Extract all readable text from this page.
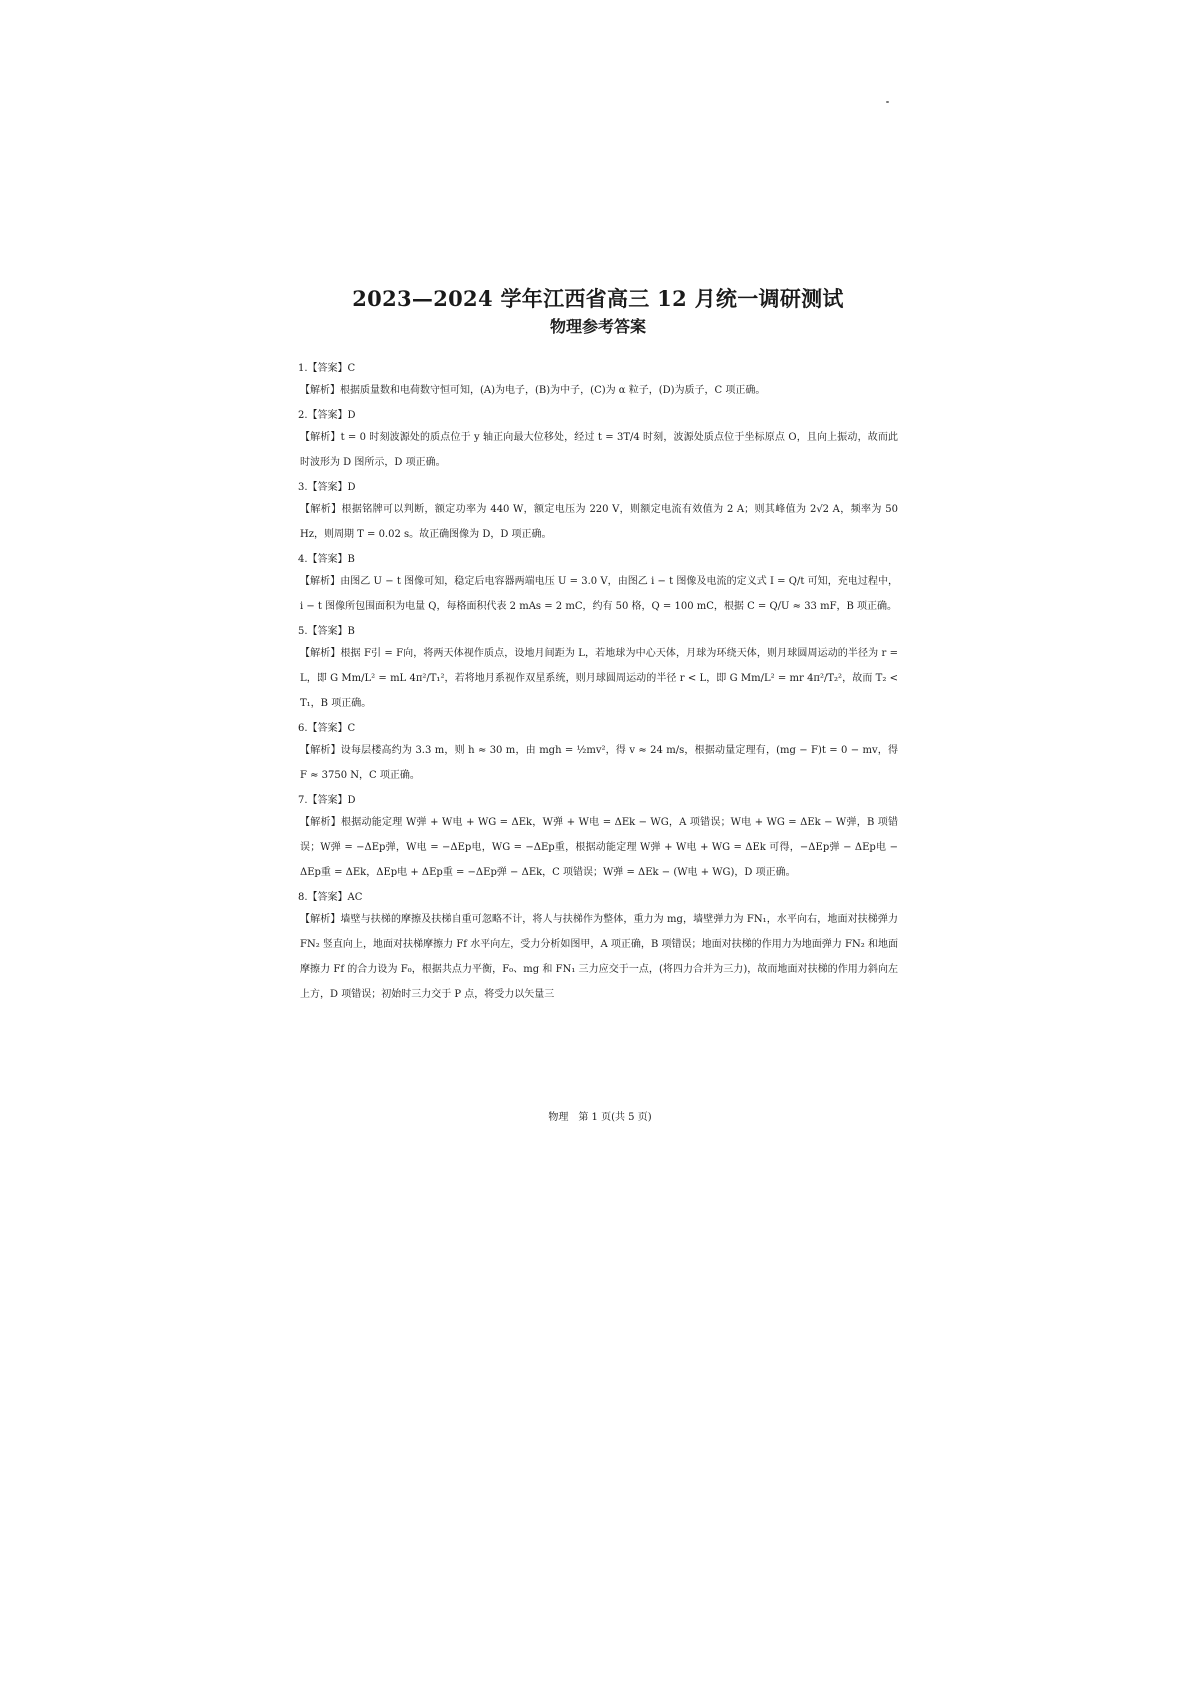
2023—2024 学年江西省高三 12 月统一调研测试
物理参考答案

1.【答案】C

【解析】根据质量数和电荷数守恒可知，(A)为电子，(B)为中子，(C)为 α 粒子，(D)为质子，C 项正确。

2.【答案】D

【解析】t = 0 时刻波源处的质点位于 y 轴正向最大位移处，经过 t = 3T/4 时刻，波源处质点位于坐标原点 O，且向上振动，故而此时波形为 D 图所示，D 项正确。

3.【答案】D

【解析】根据铭牌可以判断，额定功率为 440 W，额定电压为 220 V，则额定电流有效值为 2 A；则其峰值为 2√2 A，频率为 50 Hz，则周期 T = 0.02 s。故正确图像为 D，D 项正确。

4.【答案】B

【解析】由图乙 U − t 图像可知，稳定后电容器两端电压 U = 3.0 V，由图乙 i − t 图像及电流的定义式 I = Q/t 可知，充电过程中，i − t 图像所包围面积为电量 Q，每格面积代表 2 mAs = 2 mC，约有 50 格，Q = 100 mC，根据 C = Q/U ≈ 33 mF，B 项正确。

5.【答案】B

【解析】根据 F引 = F向，将两天体视作质点，设地月间距为 L，若地球为中心天体，月球为环绕天体，则月球圆周运动的半径为 r = L，即 G Mm/L² = mL 4π²/T₁²，若将地月系视作双星系统，则月球圆周运动的半径 r < L，即 G Mm/L² = mr 4π²/T₂²，故而 T₂ < T₁，B 项正确。

6.【答案】C

【解析】设每层楼高约为 3.3 m，则 h ≈ 30 m，由 mgh = ½mv²，得 v ≈ 24 m/s，根据动量定理有，(mg − F)t = 0 − mv，得 F ≈ 3750 N，C 项正确。

7.【答案】D

【解析】根据动能定理 W弹 + W电 + WG = ΔEk，W弹 + W电 = ΔEk − WG，A 项错误；W电 + WG = ΔEk − W弹，B 项错误；W弹 = −ΔEp弹，W电 = −ΔEp电，WG = −ΔEp重，根据动能定理 W弹 + W电 + WG = ΔEk 可得，−ΔEp弹 − ΔEp电 − ΔEp重 = ΔEk，ΔEp电 + ΔEp重 = −ΔEp弹 − ΔEk，C 项错误；W弹 = ΔEk − (W电 + WG)，D 项正确。

8.【答案】AC

【解析】墙壁与扶梯的摩擦及扶梯自重可忽略不计，将人与扶梯作为整体，重力为 mg，墙壁弹力为 FN₁，水平向右，地面对扶梯弹力 FN₂ 竖直向上，地面对扶梯摩擦力 Ff 水平向左，受力分析如图甲，A 项正确，B 项错误；地面对扶梯的作用力为地面弹力 FN₂ 和地面摩擦力 Ff 的合力设为 F₀，根据共点力平衡，F₀、mg 和 FN₁ 三力应交于一点，(将四力合并为三力)，故而地面对扶梯的作用力斜向左上方，D 项错误；初始时三力交于 P 点，将受力以矢量三

物理　第 1 页(共 5 页)
